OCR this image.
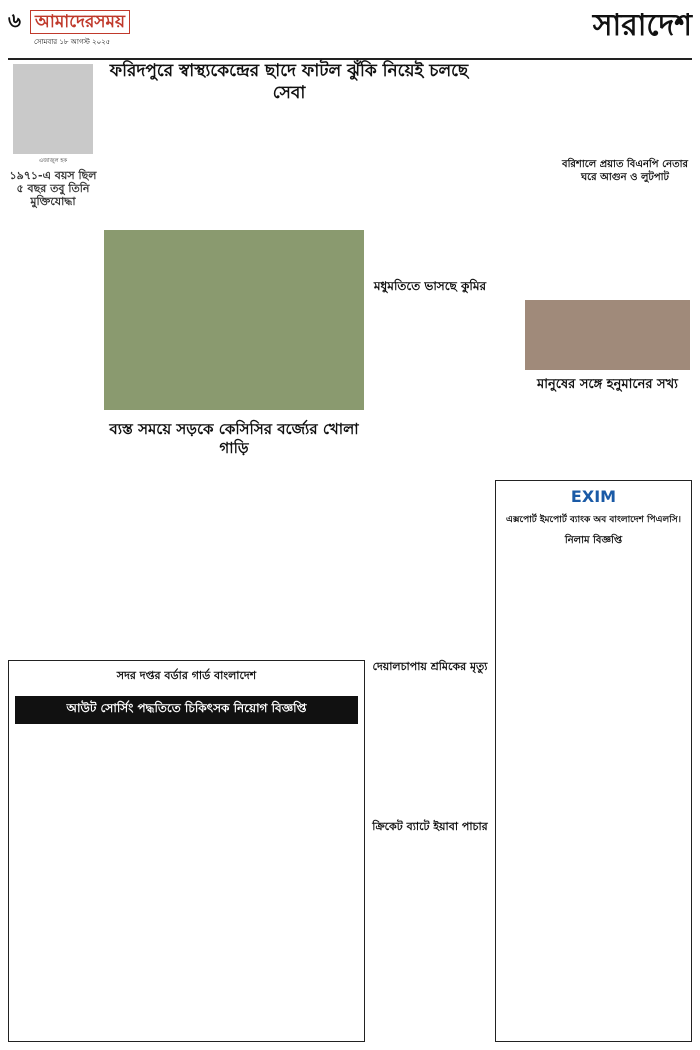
৬ আমাদেরসময়
সোমবার ১৮ আগস্ট ২০২৫	সারাদেশ
এজাজুল হক
১৯৭১-এ বয়স ছিল ৫ বছর তবু তিনি মুক্তিযোদ্ধা
ফরিদপুরে স্বাস্থ্যকেন্দ্রের ছাদে ফাটল ঝুঁকি নিয়েই চলছে সেবা
বরিশালে প্রয়াত বিএনপি নেতার ঘরে আগুন ও লুটপাট
মানুষের সঙ্গে হনুমানের সখ্য
মধুমতিতে ভাসছে কুমির
ব্যস্ত সময়ে সড়কে কেসিসির বর্জ্যের খোলা গাড়ি
দেয়ালচাপায় শ্রমিকের মৃত্যু
ক্রিকেট ব্যাটে ইয়াবা পাচার
সদর দপ্তর বর্ডার গার্ড বাংলাদেশ
আউট সোর্সিং পদ্ধতিতে চিকিৎসক নিয়োগ বিজ্ঞপ্তি
EXIM
এক্সপোর্ট ইমপোর্ট ব্যাংক অব বাংলাদেশ পিএলসি।
নিলাম বিজ্ঞপ্তি
